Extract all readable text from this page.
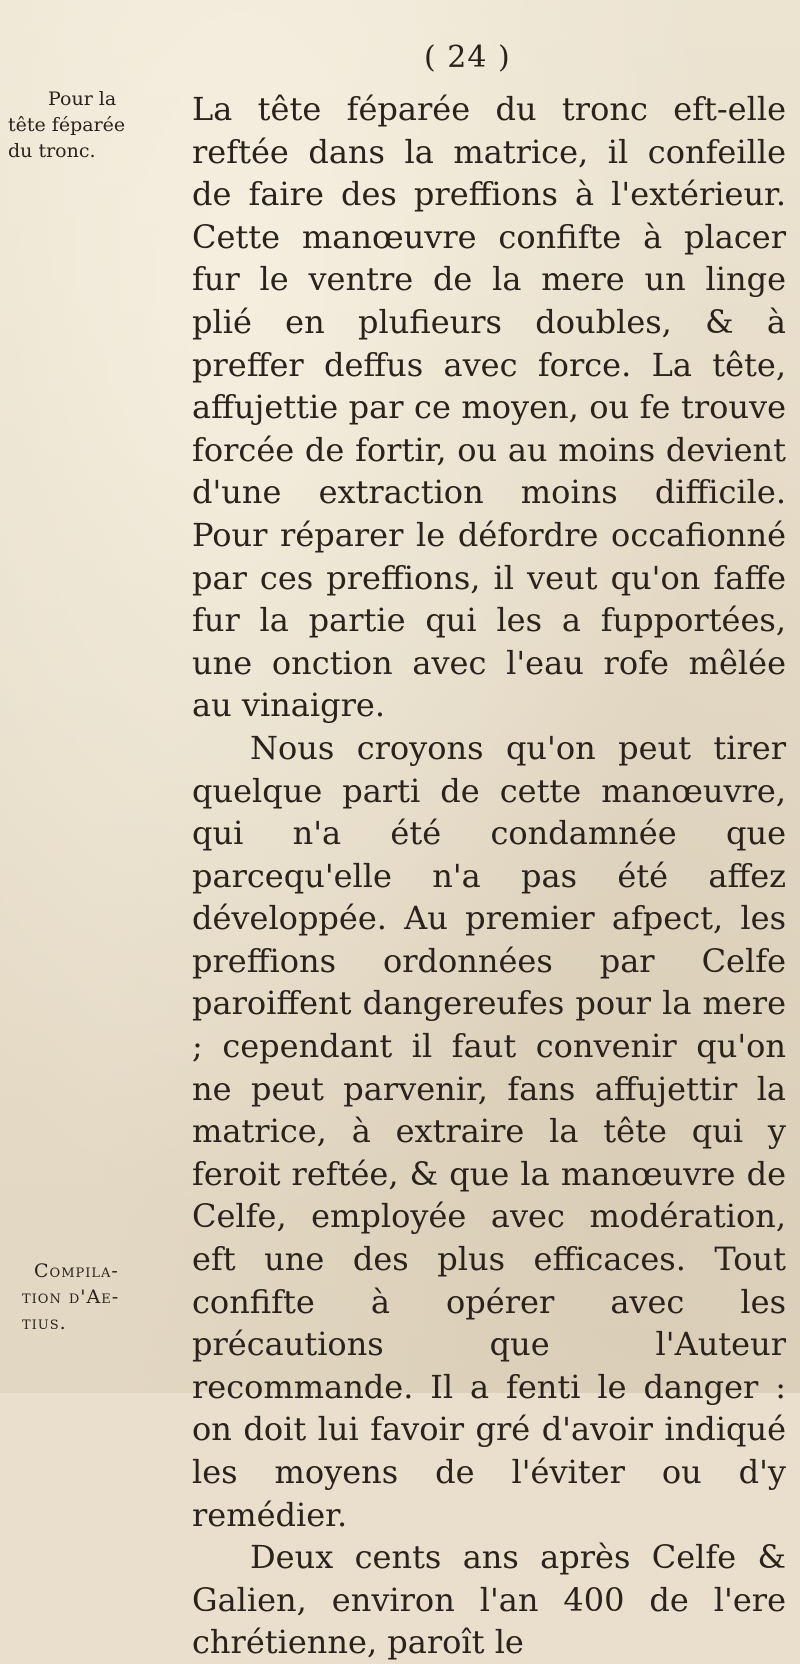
( 24 )
Pour la
tête féparée
du tronc.
Compila-
tion d'Ae-
tius.

La tête féparée du tronc eft-elle reftée dans la matrice, il confeille de faire des preffions à l'extérieur. Cette manœuvre confifte à placer fur le ventre de la mere un linge plié en plufieurs doubles, & à preffer deffus avec force. La tête, affujettie par ce moyen, ou fe trouve forcée de fortir, ou au moins devient d'une extraction moins difficile. Pour réparer le défordre occafionné par ces preffions, il veut qu'on faffe fur la partie qui les a fupportées, une onction avec l'eau rofe mêlée au vinaigre.

Nous croyons qu'on peut tirer quelque parti de cette manœuvre, qui n'a été condamnée que parcequ'elle n'a pas été affez développée. Au premier afpect, les preffions ordonnées par Celfe paroiffent dangereufes pour la mere ; cependant il faut convenir qu'on ne peut parvenir, fans affujettir la matrice, à extraire la tête qui y feroit reftée, & que la manœuvre de Celfe, employée avec modération, eft une des plus efficaces. Tout confifte à opérer avec les précautions que l'Auteur recommande. Il a fenti le danger : on doit lui favoir gré d'avoir indiqué les moyens de l'éviter ou d'y remédier.

Deux cents ans après Celfe & Galien, environ l'an 400 de l'ere chrétienne, paroît le
